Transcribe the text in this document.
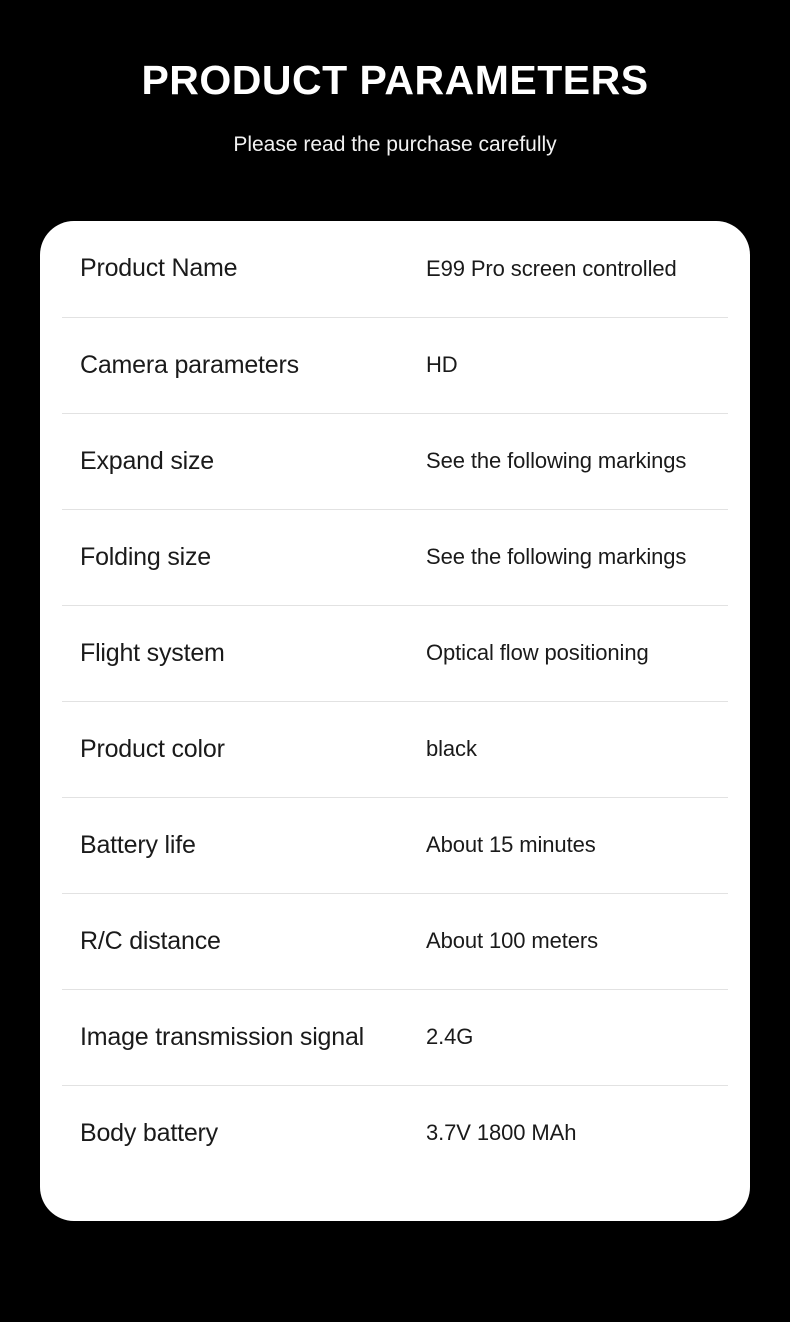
PRODUCT PARAMETERS
Please read the purchase carefully
Product Name	E99 Pro screen controlled
Camera parameters	HD
Expand size	See the following markings
Folding size	See the following markings
Flight system	Optical flow positioning
Product color	black
Battery life	About 15 minutes
R/C distance	About 100 meters
Image transmission signal	2.4G
Body battery	3.7V 1800 MAh
